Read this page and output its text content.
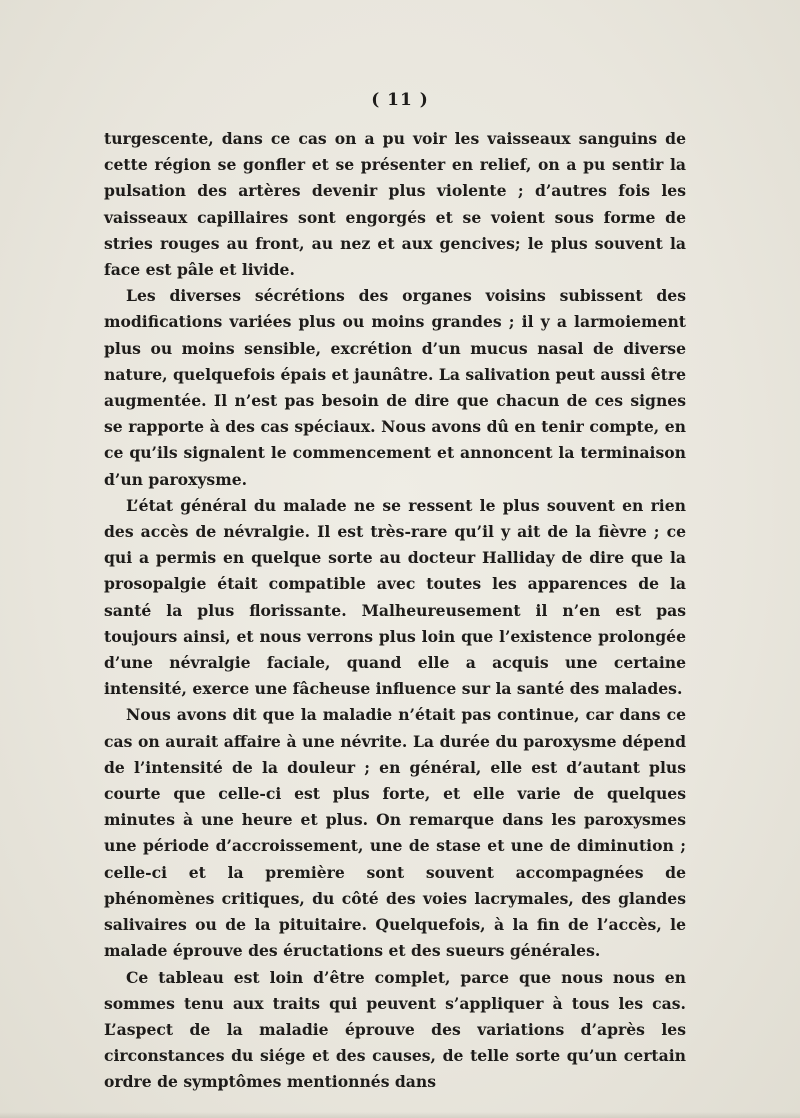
( 11 )

turgescente, dans ce cas on a pu voir les vaisseaux sanguins de cette région se gonfler et se présenter en relief, on a pu sentir la pulsation des artères devenir plus violente ; d’autres fois les vaisseaux capillaires sont engorgés et se voient sous forme de stries rouges au front, au nez et aux gencives; le plus souvent la face est pâle et livide.

Les diverses sécrétions des organes voisins subissent des modifications variées plus ou moins grandes ; il y a larmoiement plus ou moins sensible, excrétion d’un mucus nasal de diverse nature, quelquefois épais et jaunâtre. La salivation peut aussi être augmentée. Il n’est pas besoin de dire que chacun de ces signes se rapporte à des cas spéciaux. Nous avons dû en tenir compte, en ce qu’ils signalent le commencement et annoncent la terminaison d’un paroxysme.

L’état général du malade ne se ressent le plus souvent en rien des accès de névralgie. Il est très-rare qu’il y ait de la fièvre ; ce qui a permis en quelque sorte au docteur Halliday de dire que la prosopalgie était compatible avec toutes les apparences de la santé la plus florissante. Malheureusement il n’en est pas toujours ainsi, et nous verrons plus loin que l’existence prolongée d’une névralgie faciale, quand elle a acquis une certaine intensité, exerce une fâcheuse influence sur la santé des malades.

Nous avons dit que la maladie n’était pas continue, car dans ce cas on aurait affaire à une névrite. La durée du paroxysme dépend de l’intensité de la douleur ; en général, elle est d’autant plus courte que celle-ci est plus forte, et elle varie de quelques minutes à une heure et plus. On remarque dans les paroxysmes une période d’accroissement, une de stase et une de diminution ; celle-ci et la première sont souvent accompagnées de phénomènes critiques, du côté des voies lacrymales, des glandes salivaires ou de la pituitaire. Quelquefois, à la fin de l’accès, le malade éprouve des éructations et des sueurs générales.

Ce tableau est loin d’être complet, parce que nous nous en sommes tenu aux traits qui peuvent s’appliquer à tous les cas. L’aspect de la maladie éprouve des variations d’après les circonstances du siége et des causes, de telle sorte qu’un certain ordre de symptômes mentionnés dans
